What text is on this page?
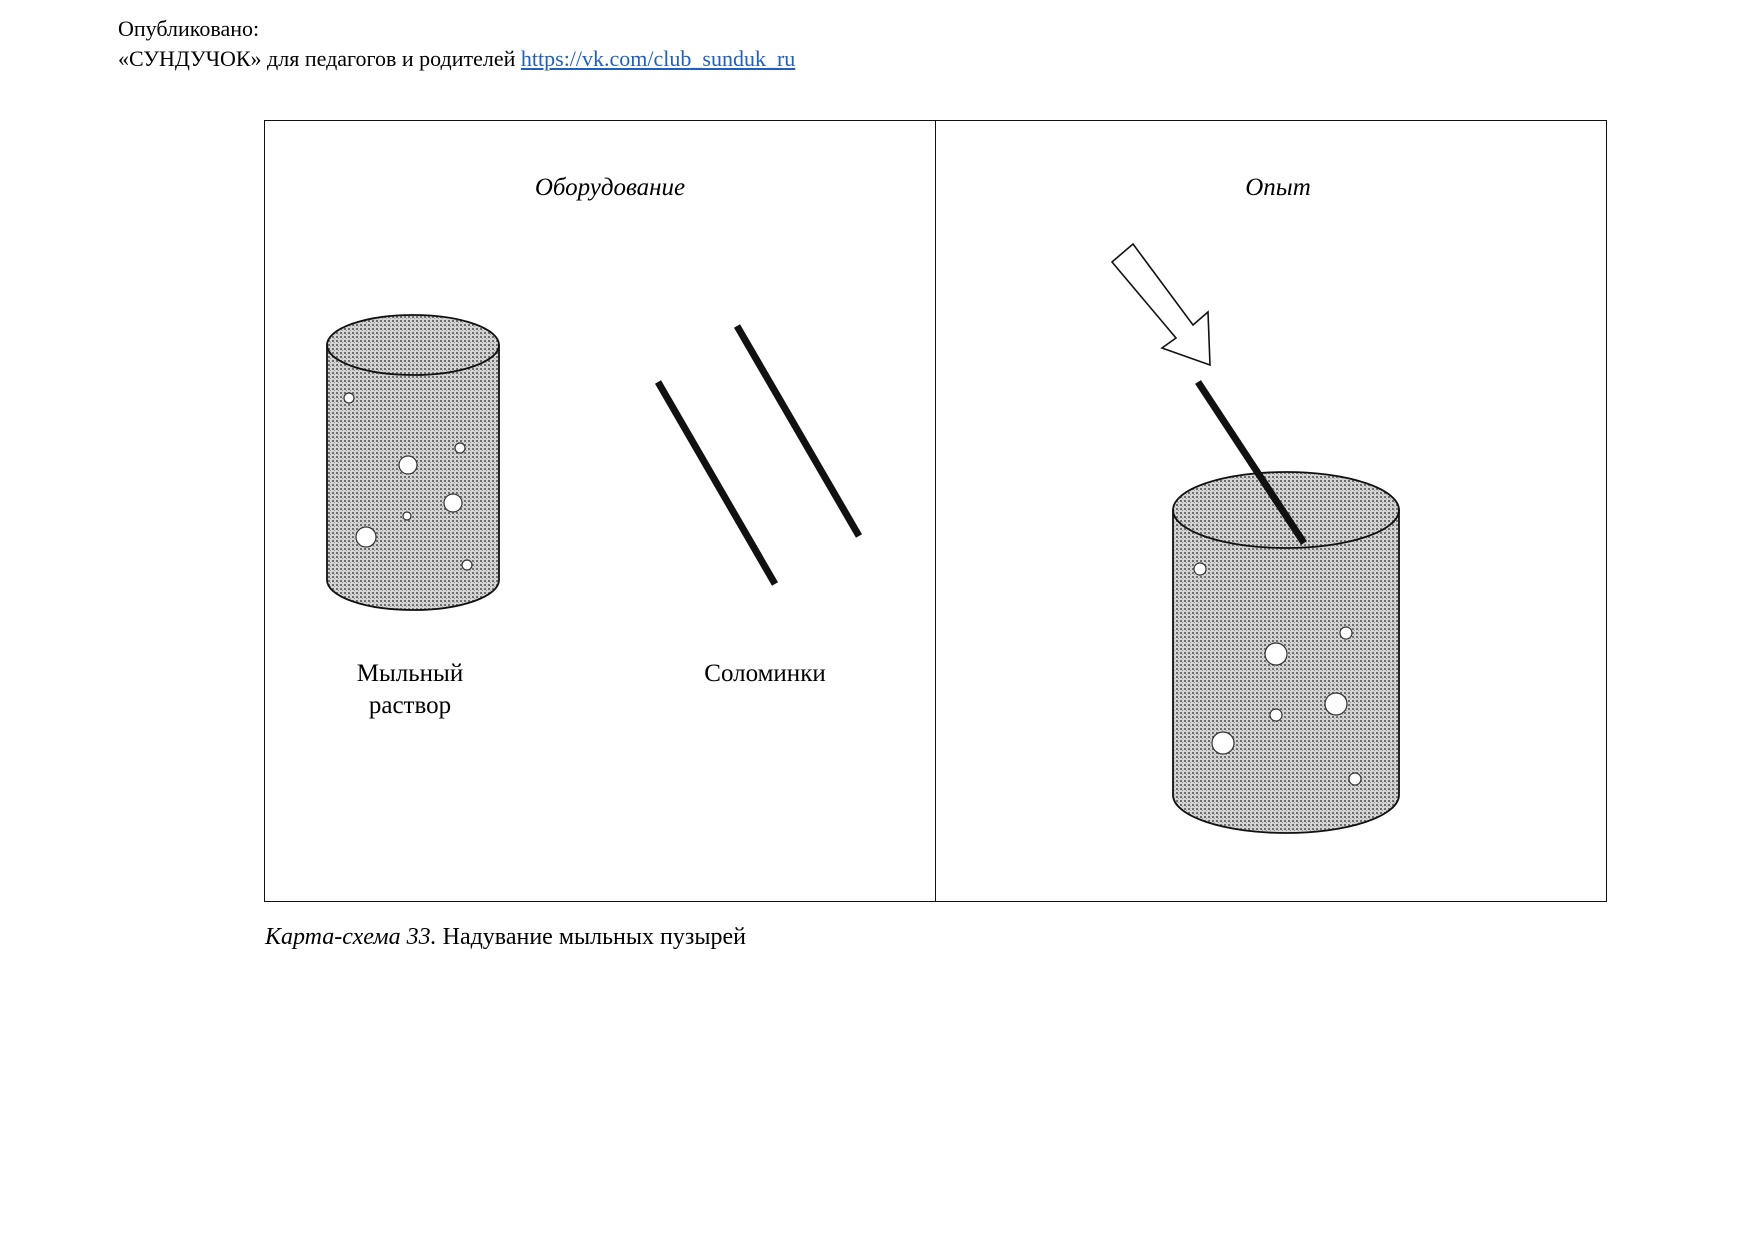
Опубликовано:
«СУНДУЧОК» для педагогов и родителей https://vk.com/club_sunduk_ru
Оборудование	Опыт
Мыльный
раствор
Соломинки
Карта-схема 33. Надувание мыльных пузырей
